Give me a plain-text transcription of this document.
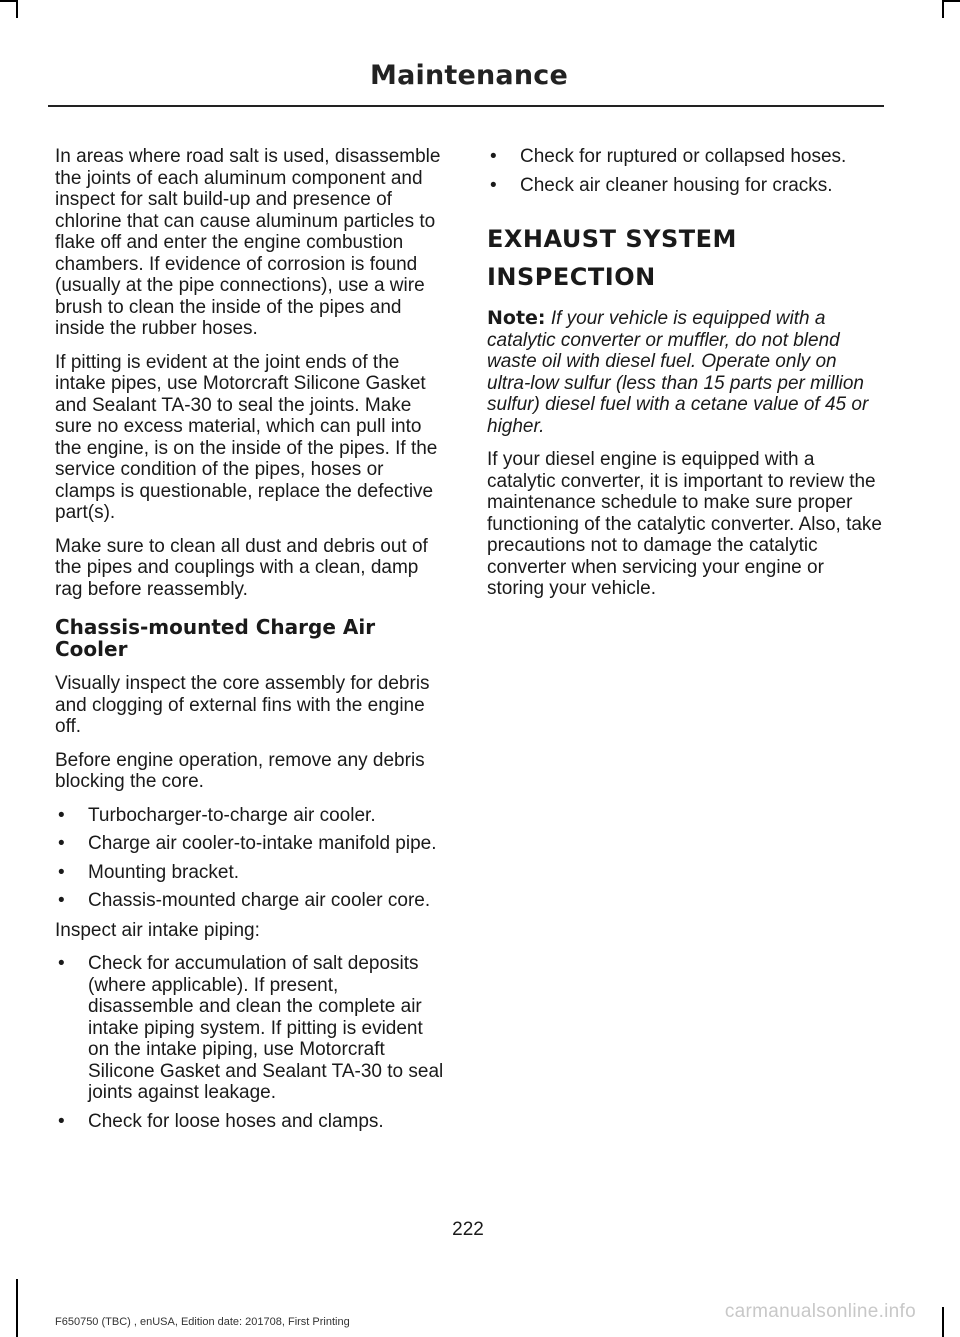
Maintenance

In areas where road salt is used, disassemble the joints of each aluminum component and inspect for salt build-up and presence of chlorine that can cause aluminum particles to flake off and enter the engine combustion chambers. If evidence of corrosion is found (usually at the pipe connections), use a wire brush to clean the inside of the pipes and inside the rubber hoses.

If pitting is evident at the joint ends of the intake pipes, use Motorcraft Silicone Gasket and Sealant TA-30 to seal the joints. Make sure no excess material, which can pull into the engine, is on the inside of the pipes. If the service condition of the pipes, hoses or clamps is questionable, replace the defective part(s).

Make sure to clean all dust and debris out of the pipes and couplings with a clean, damp rag before reassembly.

Chassis-mounted Charge Air Cooler

Visually inspect the core assembly for debris and clogging of external fins with the engine off.

Before engine operation, remove any debris blocking the core.

• Turbocharger-to-charge air cooler.
• Charge air cooler-to-intake manifold pipe.
• Mounting bracket.
• Chassis-mounted charge air cooler core.

Inspect air intake piping:

• Check for accumulation of salt deposits (where applicable). If present, disassemble and clean the complete air intake piping system. If pitting is evident on the intake piping, use Motorcraft Silicone Gasket and Sealant TA-30 to seal joints against leakage.
• Check for loose hoses and clamps.
• Check for ruptured or collapsed hoses.
• Check air cleaner housing for cracks.
EXHAUST SYSTEM
INSPECTION

Note: If your vehicle is equipped with a catalytic converter or muffler, do not blend waste oil with diesel fuel. Operate only on ultra-low sulfur (less than 15 parts per million sulfur) diesel fuel with a cetane value of 45 or higher.

If your diesel engine is equipped with a catalytic converter, it is important to review the maintenance schedule to make sure proper functioning of the catalytic converter. Also, take precautions not to damage the catalytic converter when servicing your engine or storing your vehicle.

222
F650750 (TBC) , enUSA, Edition date: 201708, First Printing	carmanualsonline.info
